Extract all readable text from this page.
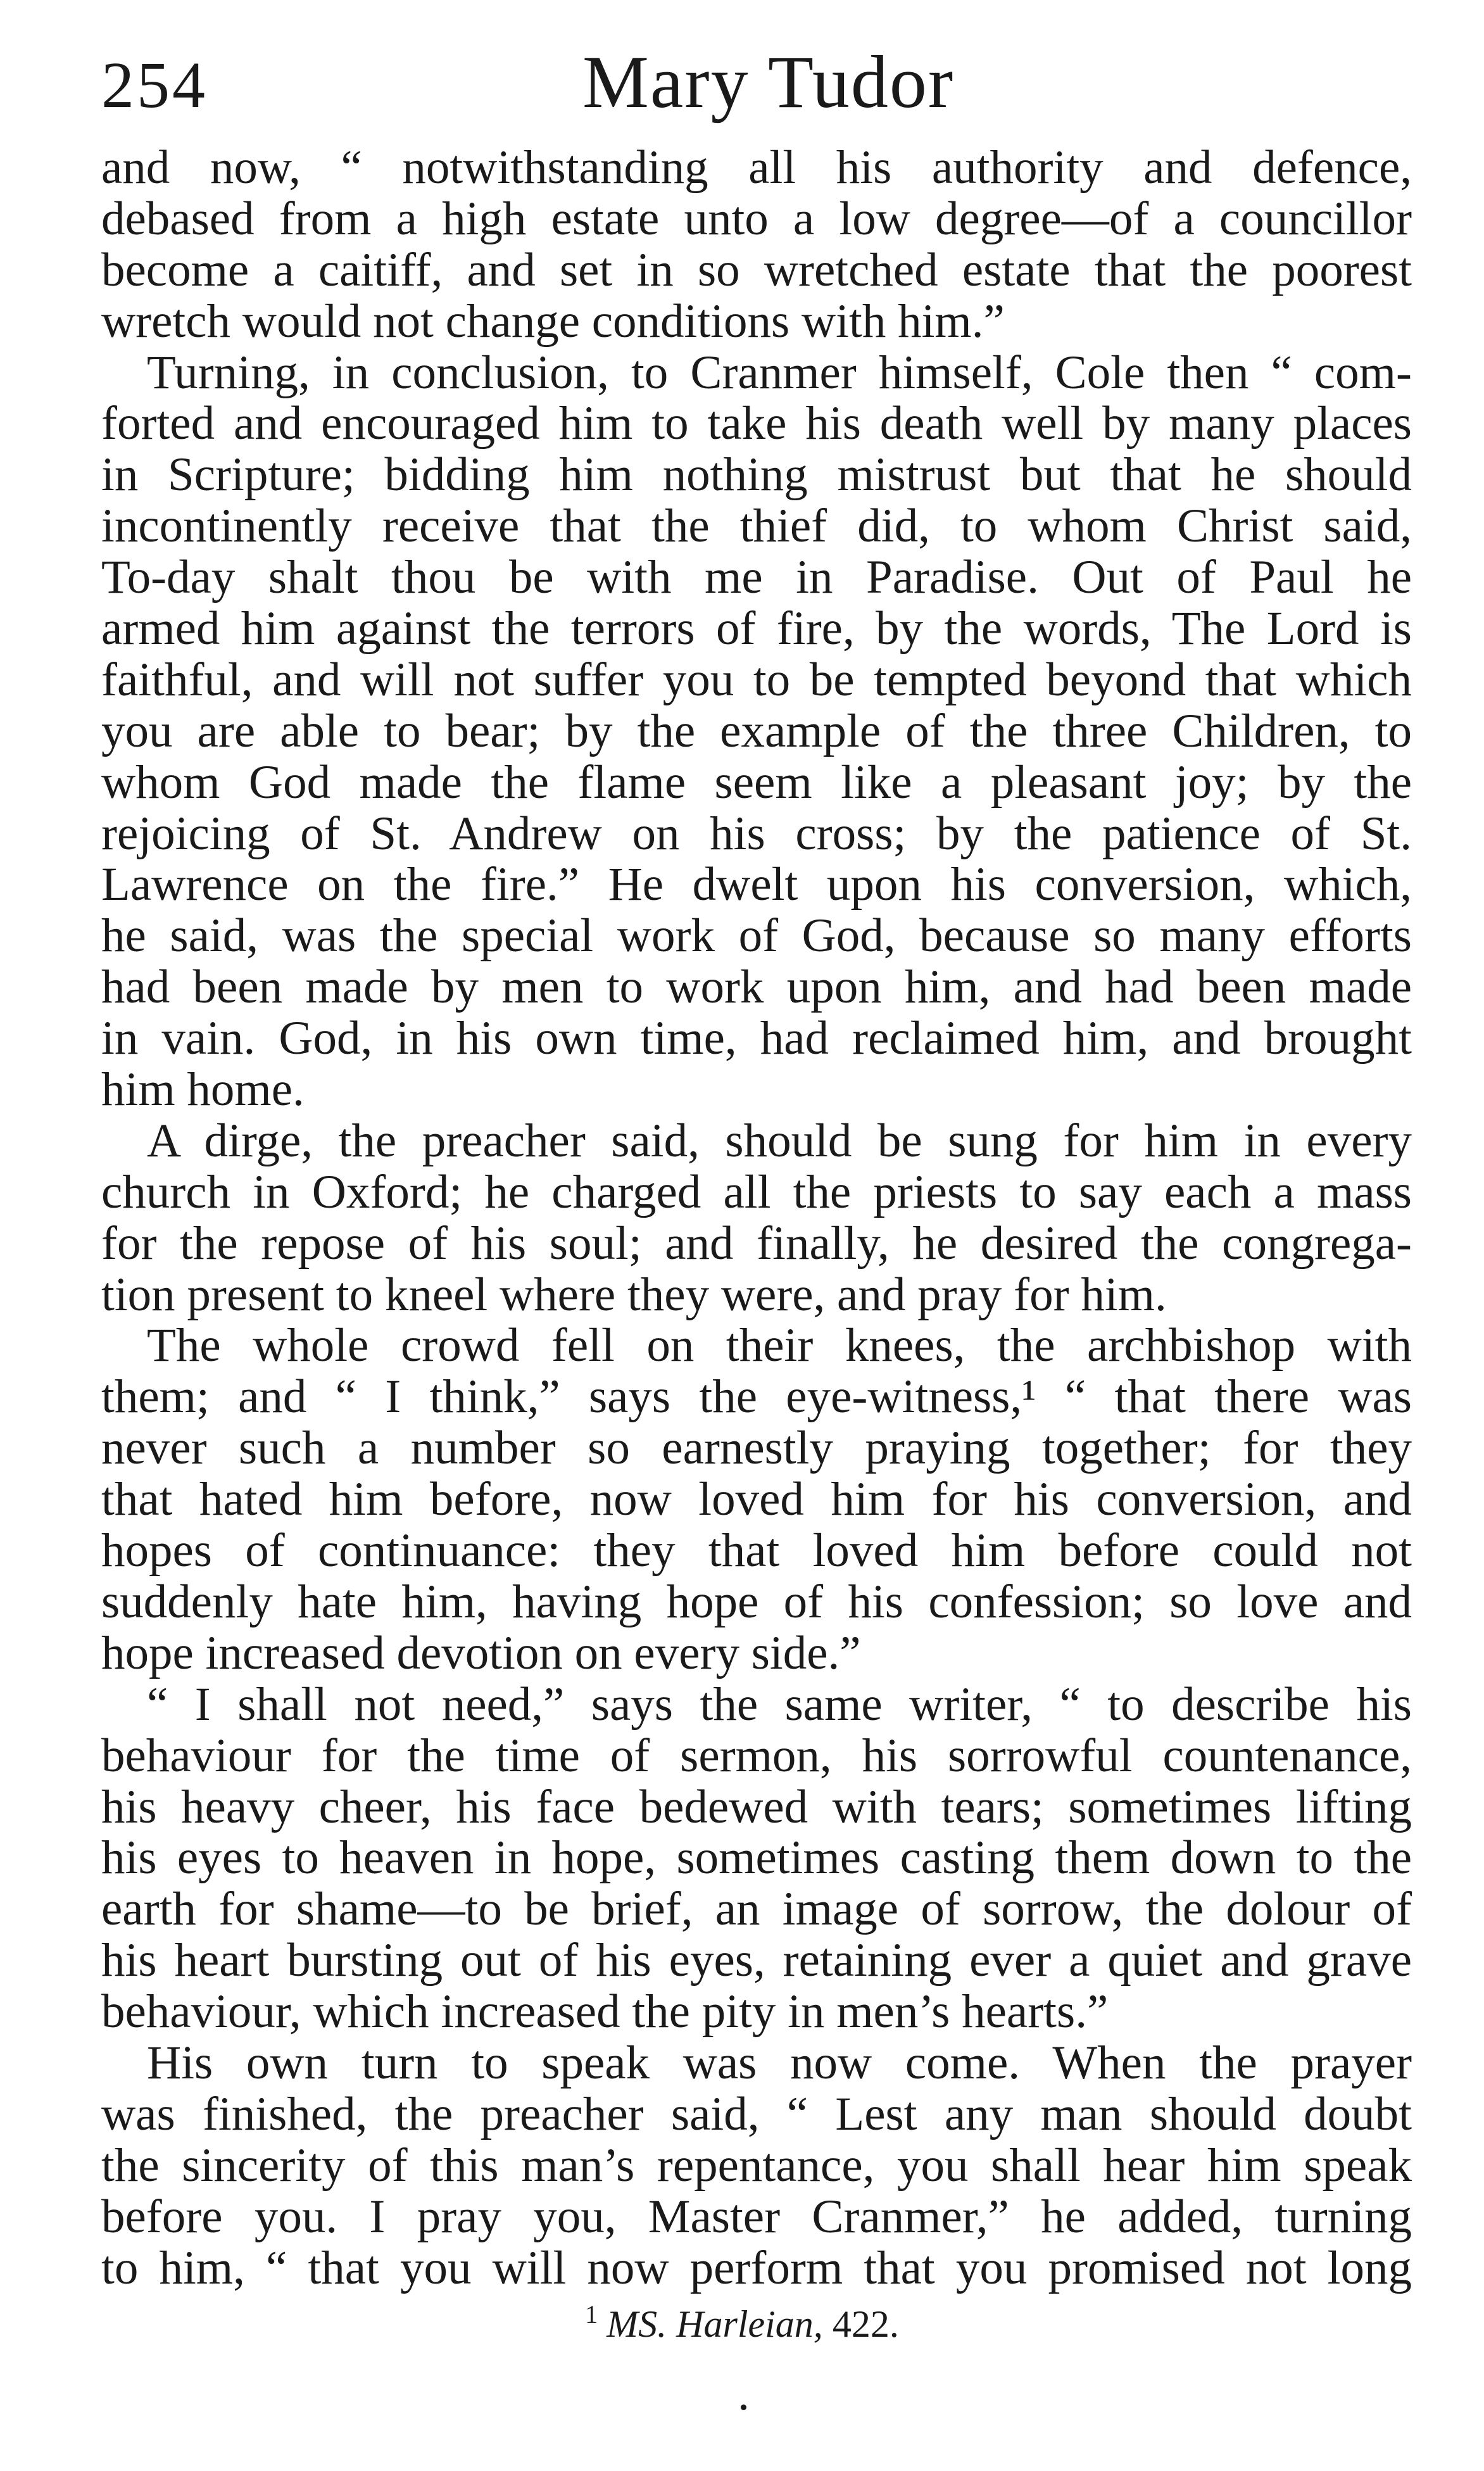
254	Mary Tudor
and now, “ notwithstanding all his authority and defence,
debased from a high estate unto a low degree—of a councillor
become a caitiff, and set in so wretched estate that the poorest
wretch would not change conditions with him.”
Turning, in conclusion, to Cranmer himself, Cole then “ com-
forted and encouraged him to take his death well by many places
in Scripture; bidding him nothing mistrust but that he should
incontinently receive that the thief did, to whom Christ said,
To-day shalt thou be with me in Paradise. Out of Paul he
armed him against the terrors of fire, by the words, The Lord is
faithful, and will not suffer you to be tempted beyond that which
you are able to bear; by the example of the three Children, to
whom God made the flame seem like a pleasant joy; by the
rejoicing of St. Andrew on his cross; by the patience of St.
Lawrence on the fire.” He dwelt upon his conversion, which,
he said, was the special work of God, because so many efforts
had been made by men to work upon him, and had been made
in vain. God, in his own time, had reclaimed him, and brought
him home.
A dirge, the preacher said, should be sung for him in every
church in Oxford; he charged all the priests to say each a mass
for the repose of his soul; and finally, he desired the congrega-
tion present to kneel where they were, and pray for him.
The whole crowd fell on their knees, the archbishop with
them; and “ I think,” says the eye-witness,¹ “ that there was
never such a number so earnestly praying together; for they
that hated him before, now loved him for his conversion, and
hopes of continuance: they that loved him before could not
suddenly hate him, having hope of his confession; so love and
hope increased devotion on every side.”
“ I shall not need,” says the same writer, “ to describe his
behaviour for the time of sermon, his sorrowful countenance,
his heavy cheer, his face bedewed with tears; sometimes lifting
his eyes to heaven in hope, sometimes casting them down to the
earth for shame—to be brief, an image of sorrow, the dolour of
his heart bursting out of his eyes, retaining ever a quiet and grave
behaviour, which increased the pity in men’s hearts.”
His own turn to speak was now come. When the prayer
was finished, the preacher said, “ Lest any man should doubt
the sincerity of this man’s repentance, you shall hear him speak
before you. I pray you, Master Cranmer,” he added, turning
to him, “ that you will now perform that you promised not long
$^1$ MS. Harleian, 422.
